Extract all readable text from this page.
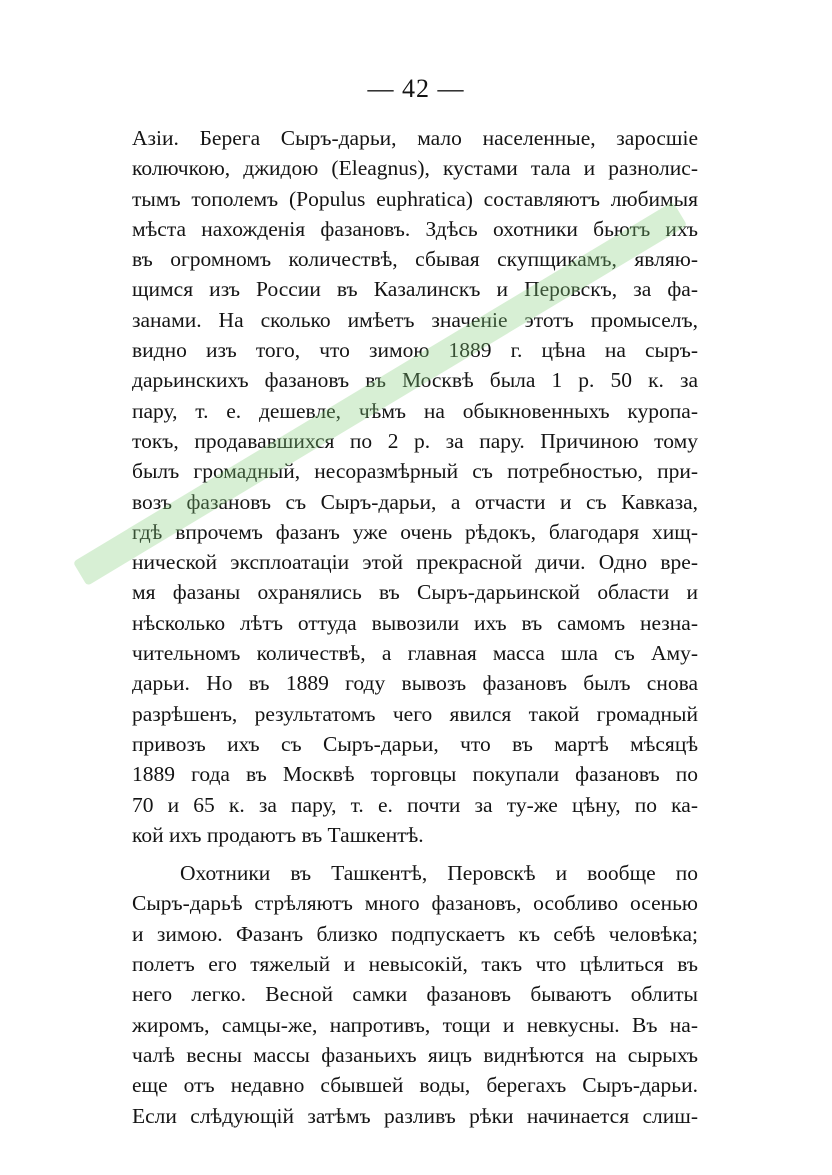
— 42 —
Азіи. Берега Сыръ-дарьи, мало населенные, заросшіе
колючкою, джидою (Eleagnus), кустами тала и разнолис-
тымъ тополемъ (Populus euphratica) составляютъ любимыя
мѣста нахожденія фазановъ. Здѣсь охотники бьютъ ихъ
въ огромномъ количествѣ, сбывая скупщикамъ, являю-
щимся изъ России въ Казалинскъ и Перовскъ, за фа-
занами. На сколько имѣетъ значеніе этотъ промыселъ,
видно изъ того, что зимою 1889 г. цѣна на сыръ-
дарьинскихъ фазановъ въ Москвѣ была 1 р. 50 к. за
пару, т. е. дешевле, чѣмъ на обыкновенныхъ куропа-
токъ, продававшихся по 2 р. за пару. Причиною тому
былъ громадный, несоразмѣрный съ потребностью, при-
возъ фазановъ съ Сыръ-дарьи, а отчасти и съ Кавказа,
гдѣ впрочемъ фазанъ уже очень рѣдокъ, благодаря хищ-
нической эксплоатаціи этой прекрасной дичи. Одно вре-
мя фазаны охранялись въ Сыръ-дарьинской области и
нѣсколько лѣтъ оттуда вывозили ихъ въ самомъ незна-
чительномъ количествѣ, а главная масса шла съ Аму-
дарьи. Но въ 1889 году вывозъ фазановъ былъ снова
разрѣшенъ, результатомъ чего явился такой громадный
привозъ ихъ съ Сыръ-дарьи, что въ мартѣ мѣсяцѣ
1889 года въ Москвѣ торговцы покупали фазановъ по
70 и 65 к. за пару, т. е. почти за ту-же цѣну, по ка-
кой ихъ продаютъ въ Ташкентѣ.
Охотники въ Ташкентѣ, Перовскѣ и вообще по
Сыръ-дарьѣ стрѣляютъ много фазановъ, особливо осенью
и зимою. Фазанъ близко подпускаетъ къ себѣ человѣка;
полетъ его тяжелый и невысокій, такъ что цѣлиться въ
него легко. Весной самки фазановъ бываютъ облиты
жиромъ, самцы-же, напротивъ, тощи и невкусны. Въ на-
чалѣ весны массы фазаньихъ яицъ виднѣются на сырыхъ
еще отъ недавно сбывшей воды, берегахъ Сыръ-дарьи.
Если слѣдующій затѣмъ разливъ рѣки начинается слиш-
